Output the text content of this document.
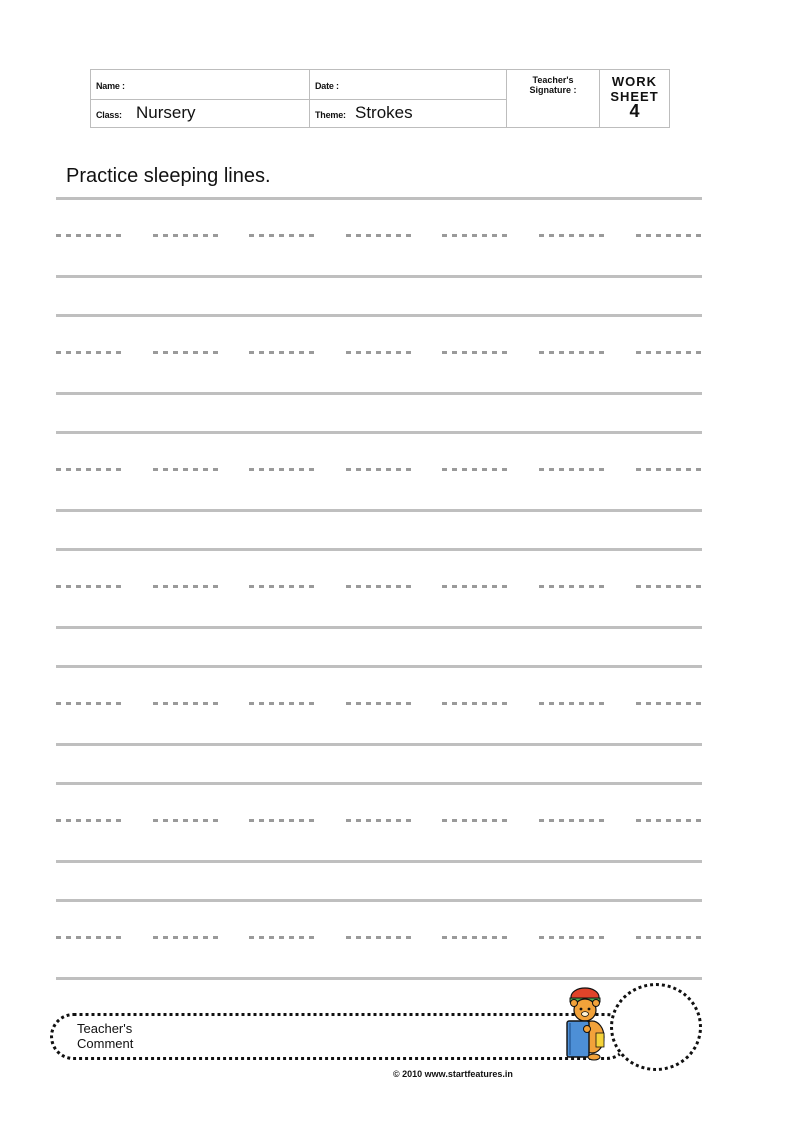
Name :	Date :
Class: Nursery	Theme: Strokes
Teacher's
Signature :
WORK
SHEET
4
Practice sleeping lines.
Teacher's
Comment
© 2010 www.startfeatures.in
